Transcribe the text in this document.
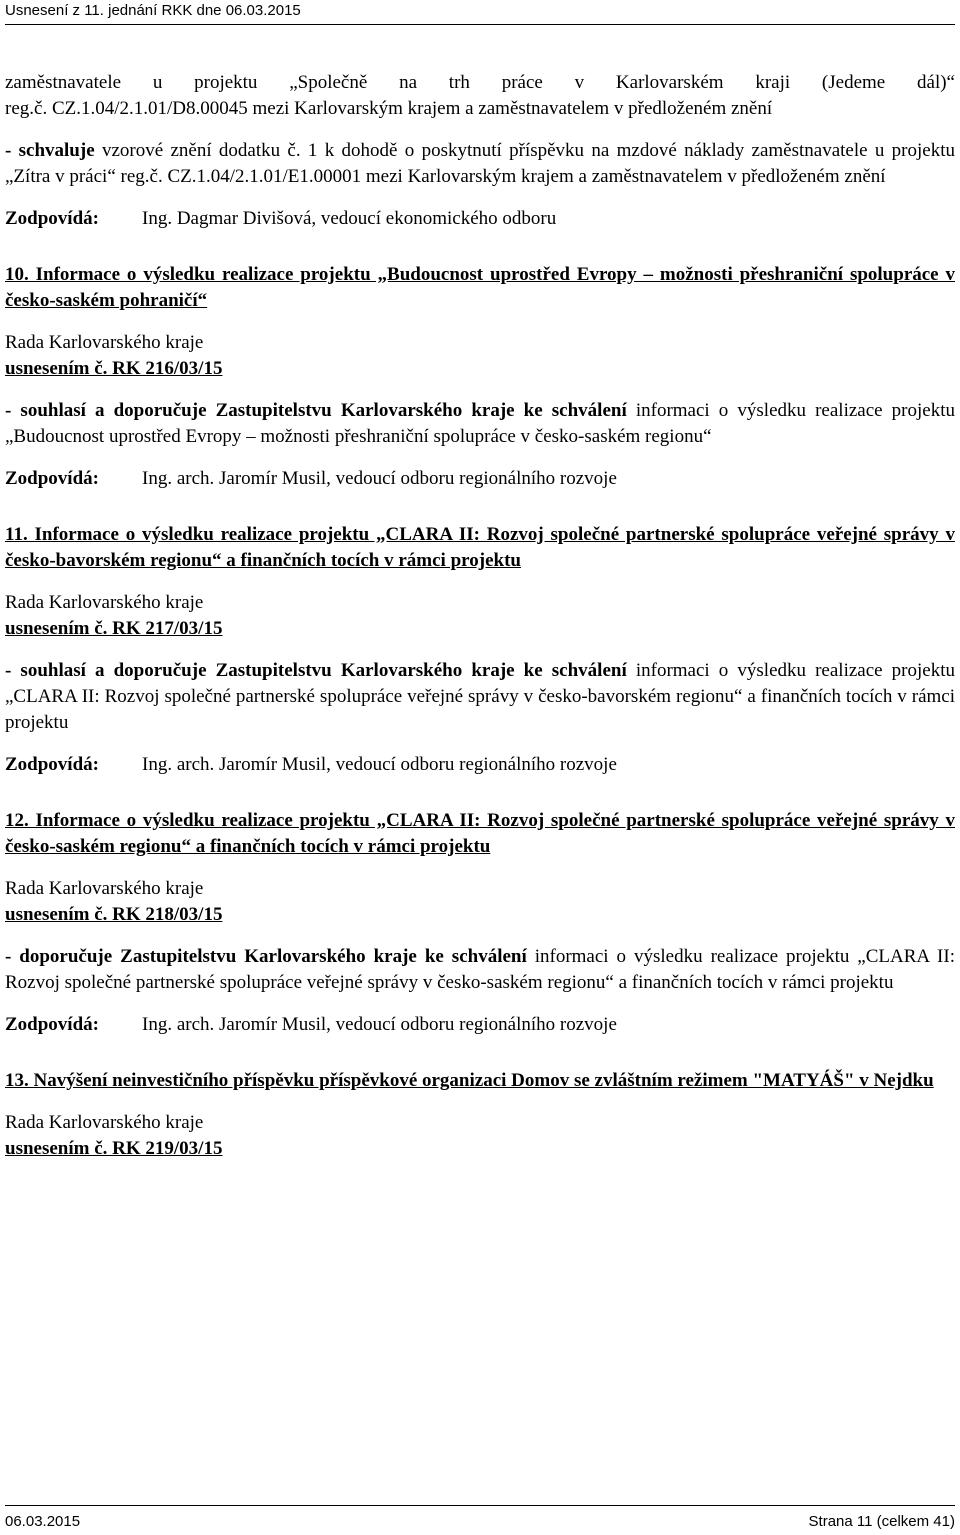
Usnesení z 11. jednání RKK dne 06.03.2015

zaměstnavatele u projektu „Společně na trh práce v Karlovarském kraji (Jedeme dál)“

reg.č. CZ.1.04/2.1.01/D8.00045 mezi Karlovarským krajem a zaměstnavatelem v předloženém znění

- schvaluje vzorové znění dodatku č. 1 k dohodě o poskytnutí příspěvku na mzdové náklady zaměstnavatele u projektu „Zítra v práci“ reg.č. CZ.1.04/2.1.01/E1.00001 mezi Karlovarským krajem a zaměstnavatelem v předloženém znění

Zodpovídá:	Ing. Dagmar Divišová, vedoucí ekonomického odboru

10. Informace o výsledku realizace projektu „Budoucnost uprostřed Evropy – možnosti přeshraniční spolupráce v česko-saském pohraničí“

Rada Karlovarského kraje

usnesením č. RK 216/03/15

- souhlasí a doporučuje Zastupitelstvu Karlovarského kraje ke schválení informaci o výsledku realizace projektu „Budoucnost uprostřed Evropy – možnosti přeshraniční spolupráce v česko-saském regionu“

Zodpovídá:	Ing. arch. Jaromír Musil, vedoucí odboru regionálního rozvoje

11. Informace o výsledku realizace projektu „CLARA II: Rozvoj společné partnerské spolupráce veřejné správy v česko-bavorském regionu“ a finančních tocích v rámci projektu

Rada Karlovarského kraje

usnesením č. RK 217/03/15

- souhlasí a doporučuje Zastupitelstvu Karlovarského kraje ke schválení informaci o výsledku realizace projektu „CLARA II: Rozvoj společné partnerské spolupráce veřejné správy v česko-bavorském regionu“ a finančních tocích v rámci projektu

Zodpovídá:	Ing. arch. Jaromír Musil, vedoucí odboru regionálního rozvoje

12. Informace o výsledku realizace projektu „CLARA II: Rozvoj společné partnerské spolupráce veřejné správy v česko-saském regionu“ a finančních tocích v rámci projektu

Rada Karlovarského kraje

usnesením č. RK 218/03/15

- doporučuje Zastupitelstvu Karlovarského kraje ke schválení informaci o výsledku realizace projektu „CLARA II: Rozvoj společné partnerské spolupráce veřejné správy v česko-saském regionu“ a finančních tocích v rámci projektu

Zodpovídá:	Ing. arch. Jaromír Musil, vedoucí odboru regionálního rozvoje

13. Navýšení neinvestičního příspěvku příspěvkové organizaci Domov se zvláštním režimem "MATYÁŠ" v Nejdku

Rada Karlovarského kraje

usnesením č. RK 219/03/15

06.03.2015	Strana 11 (celkem 41)
